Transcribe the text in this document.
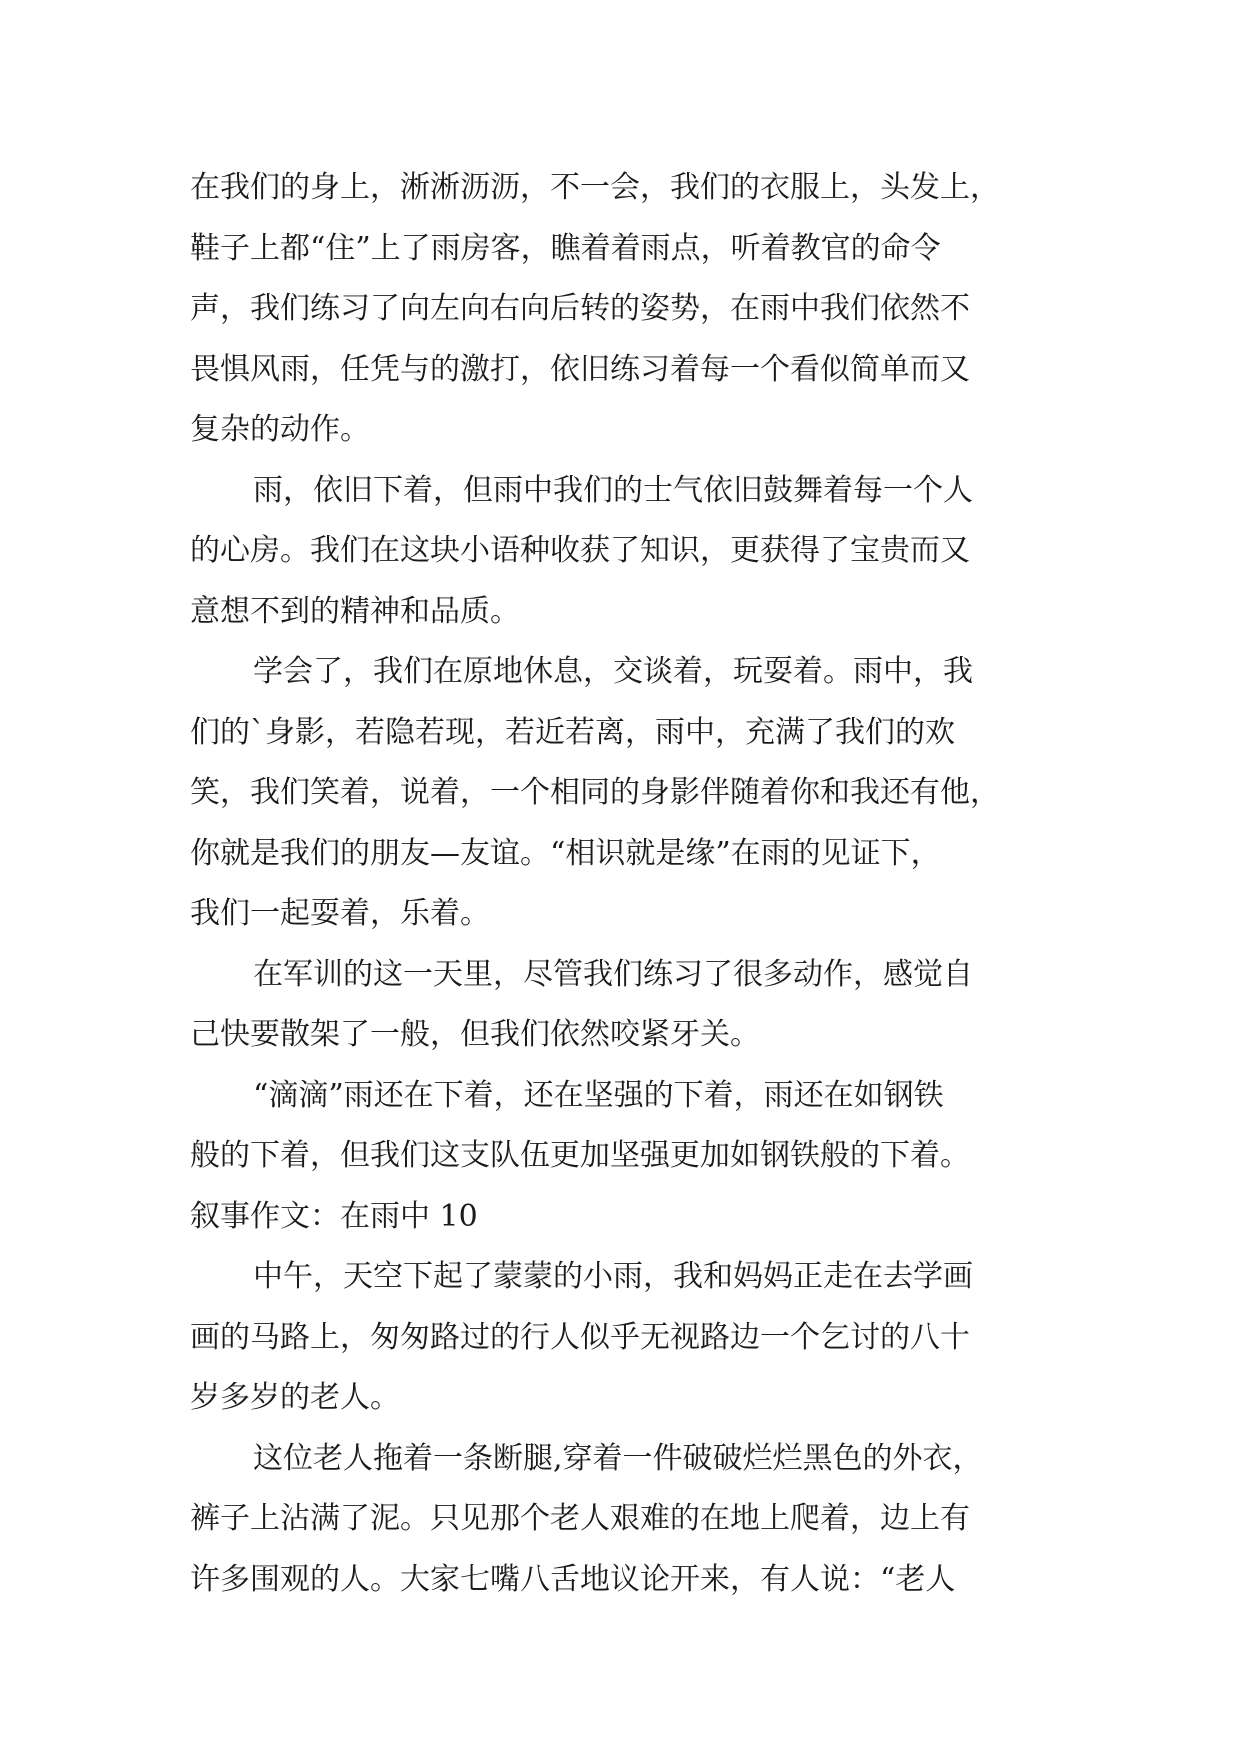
在我们的身上，淅淅沥沥，不一会，我们的衣服上，头发上，
鞋子上都“住”上了雨房客，瞧着着雨点，听着教官的命令
声，我们练习了向左向右向后转的姿势，在雨中我们依然不
畏惧风雨，任凭与的激打，依旧练习着每一个看似简单而又
复杂的动作。
雨，依旧下着，但雨中我们的士气依旧鼓舞着每一个人
的心房。我们在这块小语种收获了知识，更获得了宝贵而又
意想不到的精神和品质。
学会了，我们在原地休息，交谈着，玩耍着。雨中，我
们的`身影，若隐若现，若近若离，雨中，充满了我们的欢
笑，我们笑着，说着，一个相同的身影伴随着你和我还有他，
你就是我们的朋友—友谊。“相识就是缘”在雨的见证下，
我们一起耍着，乐着。
在军训的这一天里，尽管我们练习了很多动作，感觉自
己快要散架了一般，但我们依然咬紧牙关。
“滴滴”雨还在下着，还在坚强的下着，雨还在如钢铁
般的下着，但我们这支队伍更加坚强更加如钢铁般的下着。
叙事作文：在雨中 10
中午，天空下起了蒙蒙的小雨，我和妈妈正走在去学画
画的马路上，匆匆路过的行人似乎无视路边一个乞讨的八十
岁多岁的老人。
这位老人拖着一条断腿,穿着一件破破烂烂黑色的外衣，
裤子上沾满了泥。只见那个老人艰难的在地上爬着，边上有
许多围观的人。大家七嘴八舌地议论开来，有人说：“老人
